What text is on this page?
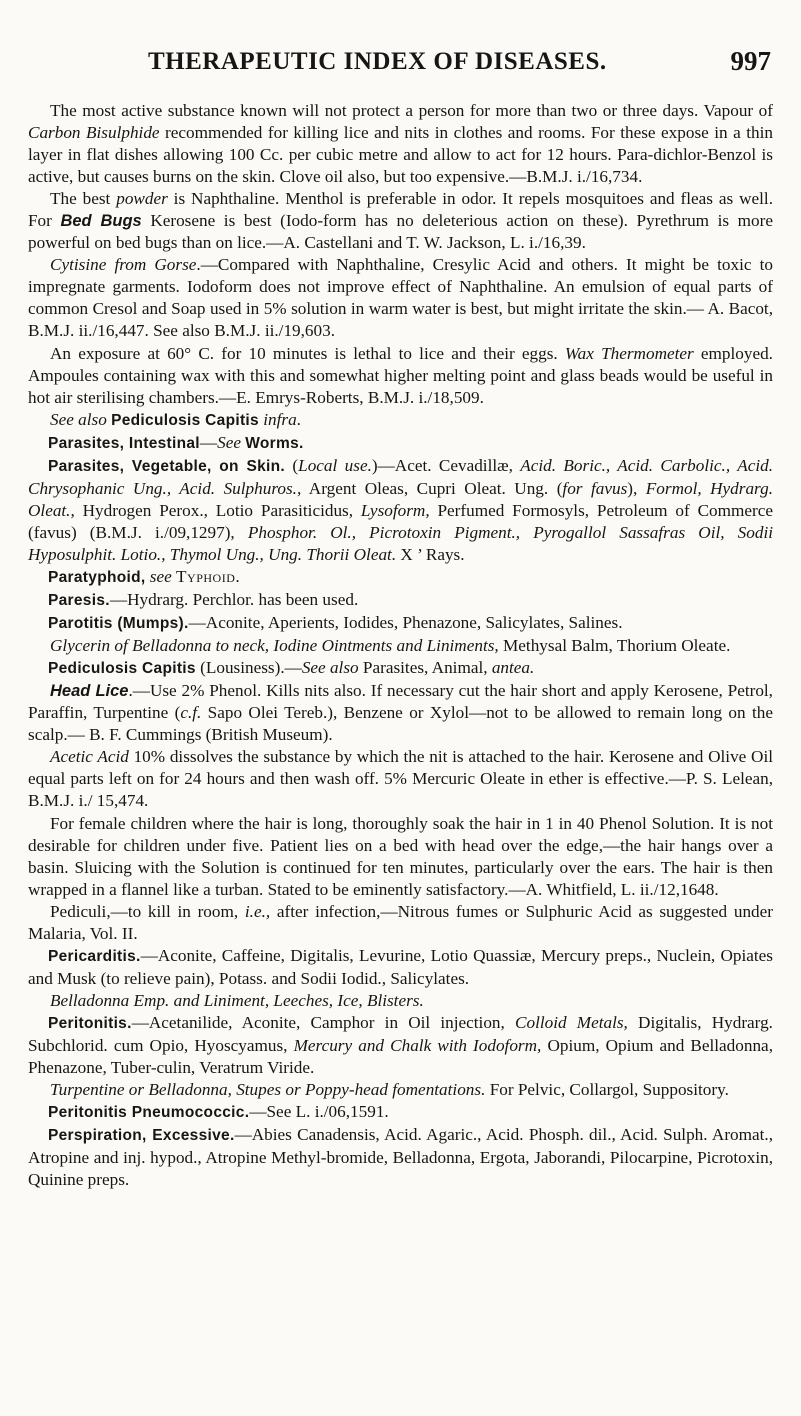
THERAPEUTIC INDEX OF DISEASES.	997

The most active substance known will not protect a person for more than two or three days. Vapour of Carbon Bisulphide recommended for killing lice and nits in clothes and rooms. For these expose in a thin layer in flat dishes allowing 100 Cc. per cubic metre and allow to act for 12 hours. Para-dichlor-Benzol is active, but causes burns on the skin. Clove oil also, but too expensive.—B.M.J. i./16,734.

The best powder is Naphthaline. Menthol is preferable in odor. It repels mosquitoes and fleas as well. For Bed Bugs Kerosene is best (Iodo-form has no deleterious action on these). Pyrethrum is more powerful on bed bugs than on lice.—A. Castellani and T. W. Jackson, L. i./16,39.

Cytisine from Gorse.—Compared with Naphthaline, Cresylic Acid and others. It might be toxic to impregnate garments. Iodoform does not improve effect of Naphthaline. An emulsion of equal parts of common Cresol and Soap used in 5% solution in warm water is best, but might irritate the skin.— A. Bacot, B.M.J. ii./16,447. See also B.M.J. ii./19,603.

An exposure at 60° C. for 10 minutes is lethal to lice and their eggs. Wax Thermometer employed. Ampoules containing wax with this and somewhat higher melting point and glass beads would be useful in hot air sterilising chambers.—E. Emrys-Roberts, B.M.J. i./18,509.

See also Pediculosis Capitis infra.

Parasites, Intestinal—See Worms.

Parasites, Vegetable, on Skin. (Local use.)—Acet. Cevadillæ, Acid. Boric., Acid. Carbolic., Acid. Chrysophanic Ung., Acid. Sulphuros., Argent Oleas, Cupri Oleat. Ung. (for favus), Formol, Hydrarg. Oleat., Hydrogen Perox., Lotio Parasiticidus, Lysoform, Perfumed Formosyls, Petroleum of Commerce (favus) (B.M.J. i./09,1297), Phosphor. Ol., Picrotoxin Pigment., Pyrogallol Sassafras Oil, Sodii Hyposulphit. Lotio., Thymol Ung., Ung. Thorii Oleat. X ’ Rays.

Paratyphoid, see Typhoid.

Paresis.—Hydrarg. Perchlor. has been used.

Parotitis (Mumps).—Aconite, Aperients, Iodides, Phenazone, Salicylates, Salines.

Glycerin of Belladonna to neck, Iodine Ointments and Liniments, Methysal Balm, Thorium Oleate.

Pediculosis Capitis (Lousiness).—See also Parasites, Animal, antea.

Head Lice.—Use 2% Phenol. Kills nits also. If necessary cut the hair short and apply Kerosene, Petrol, Paraffin, Turpentine (c.f. Sapo Olei Tereb.), Benzene or Xylol—not to be allowed to remain long on the scalp.— B. F. Cummings (British Museum).

Acetic Acid 10% dissolves the substance by which the nit is attached to the hair. Kerosene and Olive Oil equal parts left on for 24 hours and then wash off. 5% Mercuric Oleate in ether is effective.—P. S. Lelean, B.M.J. i./ 15,474.

For female children where the hair is long, thoroughly soak the hair in 1 in 40 Phenol Solution. It is not desirable for children under five. Patient lies on a bed with head over the edge,—the hair hangs over a basin. Sluicing with the Solution is continued for ten minutes, particularly over the ears. The hair is then wrapped in a flannel like a turban. Stated to be eminently satisfactory.—A. Whitfield, L. ii./12,1648.

Pediculi,—to kill in room, i.e., after infection,—Nitrous fumes or Sulphuric Acid as suggested under Malaria, Vol. II.

Pericarditis.—Aconite, Caffeine, Digitalis, Levurine, Lotio Quassiæ, Mercury preps., Nuclein, Opiates and Musk (to relieve pain), Potass. and Sodii Iodid., Salicylates.

Belladonna Emp. and Liniment, Leeches, Ice, Blisters.

Peritonitis.—Acetanilide, Aconite, Camphor in Oil injection, Colloid Metals, Digitalis, Hydrarg. Subchlorid. cum Opio, Hyoscyamus, Mercury and Chalk with Iodoform, Opium, Opium and Belladonna, Phenazone, Tuber-culin, Veratrum Viride.

Turpentine or Belladonna, Stupes or Poppy-head fomentations. For Pelvic, Collargol, Suppository.

Peritonitis Pneumococcic.—See L. i./06,1591.

Perspiration, Excessive.—Abies Canadensis, Acid. Agaric., Acid. Phosph. dil., Acid. Sulph. Aromat., Atropine and inj. hypod., Atropine Methyl-bromide, Belladonna, Ergota, Jaborandi, Pilocarpine, Picrotoxin, Quinine preps.
